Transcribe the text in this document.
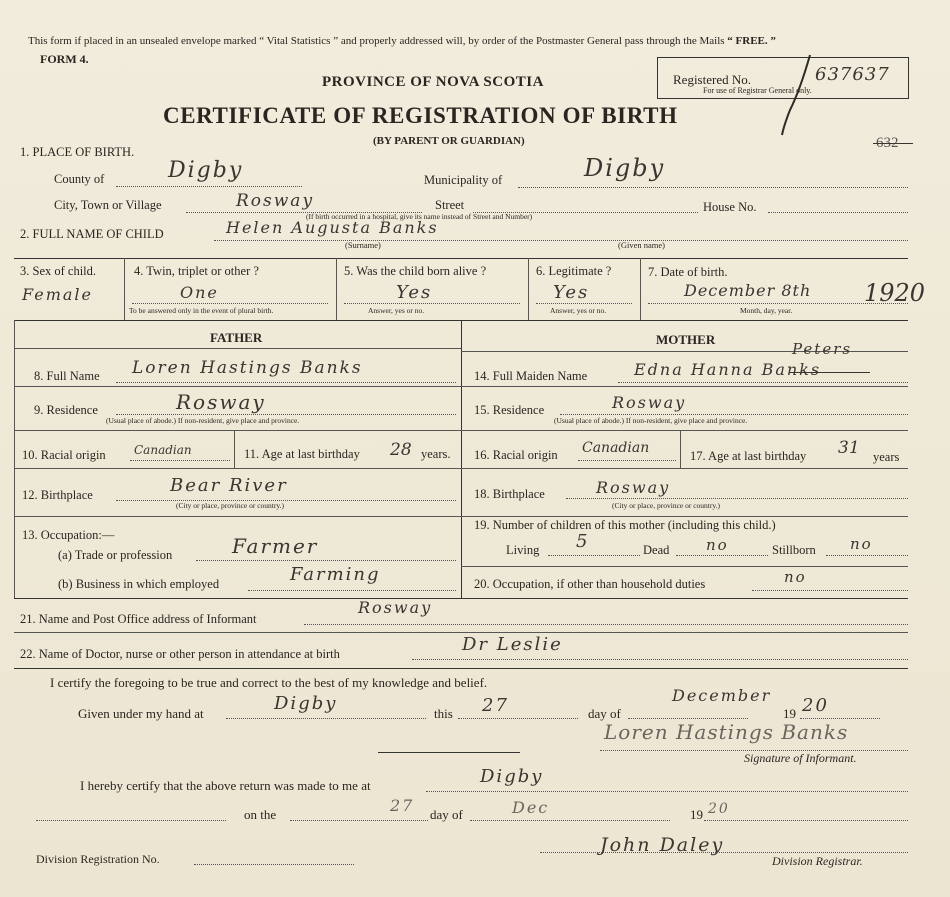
This form if placed in an unsealed envelope marked “ Vital Statistics ” and properly addressed will, by order of the Postmaster General pass through the Mails “ FREE. ”
FORM 4.
PROVINCE OF NOVA SCOTIA
CERTIFICATE OF REGISTRATION OF BIRTH
(BY PARENT OR GUARDIAN)
Registered No.	637637
For use of Registrar General only.
632
1. PLACE OF BIRTH.
County of	Digby	Municipality of	Digby
City, Town or Village	Rosway	Street	House No.
(If birth occurred in a hospital, give its name instead of Street and Number)
2. FULL NAME OF CHILD	Helen Augusta Banks
(Surname)	(Given name)
3. Sex of child.
Female
4. Twin, triplet or other ?
One
To be answered only in the event of plural birth.
5. Was the child born alive ?
Yes
Answer, yes or no.
6. Legitimate ?
Yes
Answer, yes or no.
7. Date of birth.
December 8th 1920
Month, day, year.
FATHER	MOTHER
8. Full Name Loren Hastings Banks
9. Residence	Rosway
(Usual place of abode.) If non-resident, give place and province.
10. Racial origin Canadian	11. Age at last birthday 28 years.
12. Birthplace	Bear River
(City or place, province or country.)
13. Occupation:—
(a) Trade or profession	Farmer
(b) Business in which employed	Farming
14. Full Maiden Name	Edna Hanna Banks
Peters
15. Residence	Rosway
(Usual place of abode.) If non-resident, give place and province.
16. Racial origin Canadian	17. Age at last birthday 31 years
18. Birthplace	Rosway
(City or place, province or country.)
19. Number of children of this mother (including this child.)
Living 5	Dead no	Stillborn no
20. Occupation, if other than household duties	no
21. Name and Post Office address of Informant
Rosway
22. Name of Doctor, nurse or other person in attendance at birth	Dr Leslie
I certify the foregoing to be true and correct to the best of my knowledge and belief.
Given under my hand at	Digby	this 27	day of
December
19 20
Loren Hastings Banks
Signature of Informant.
I hereby certify that the above return was made to me at	Digby
on the	27 day of	Dec	19 20
Division Registration No.
John Daley
Division Registrar.
